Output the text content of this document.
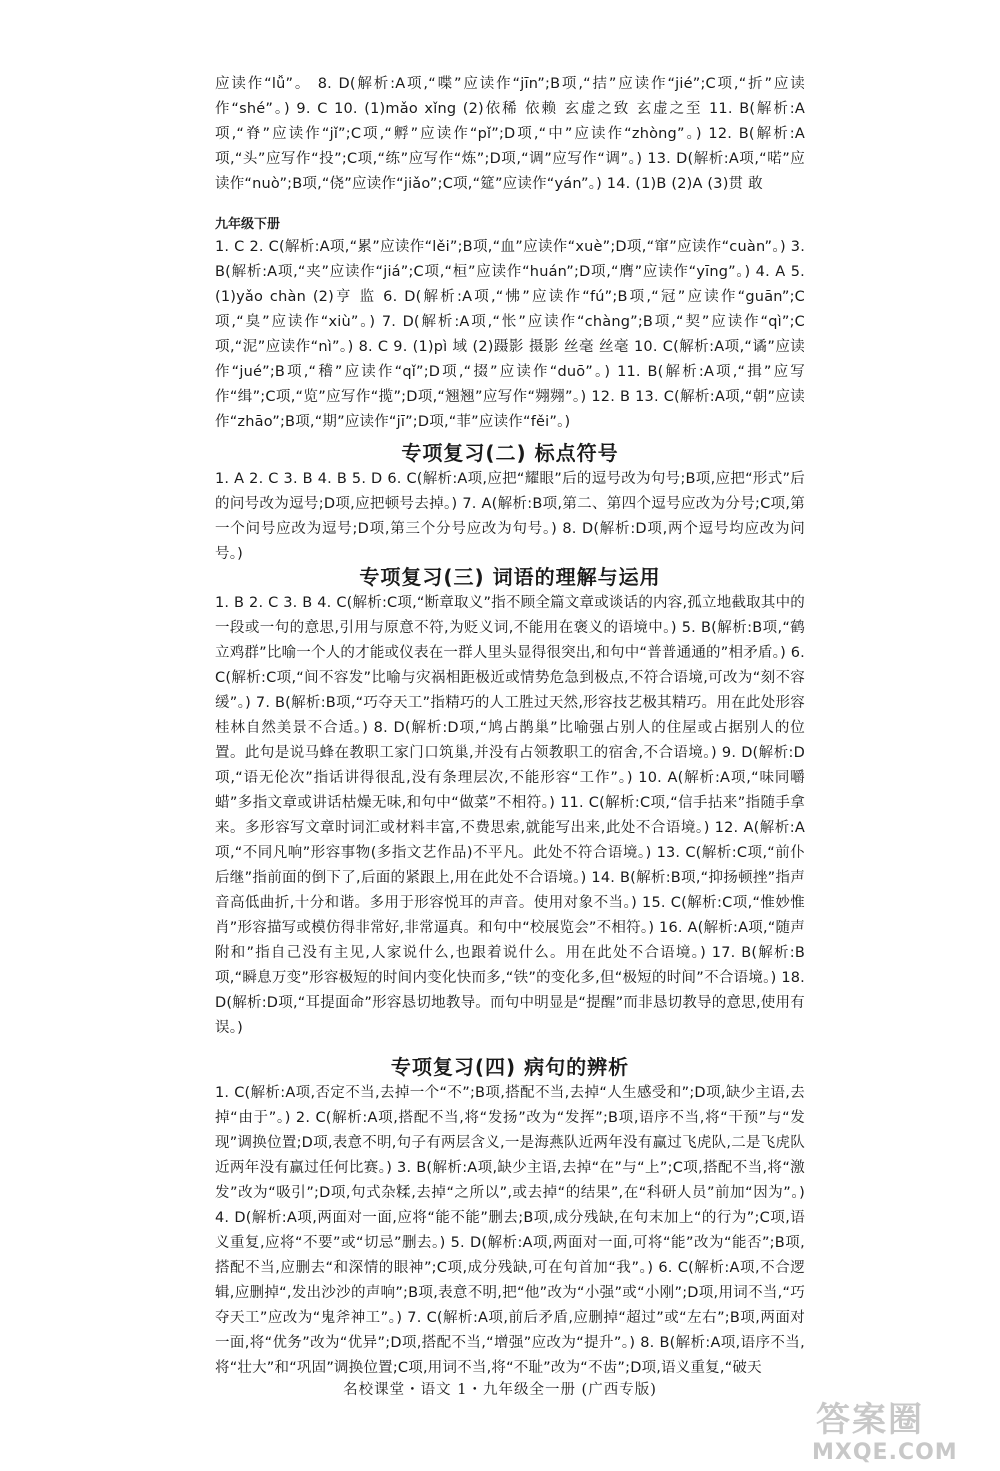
应读作“lǚ”。 8. D(解析:A项,“喋”应读作“jīn”;B项,“拮”应读作“jié”;C项,“折”应读作“shé”。) 9. C 10. (1)mǎo xǐng (2)依稀 依赖 玄虚之致 玄虚之至 11. B(解析:A项,“脊”应读作“jǐ”;C项,“孵”应读作“pǐ”;D项,“中”应读作“zhòng”。) 12. B(解析:A项,“头”应写作“投”;C项,“练”应写作“炼”;D项,“调”应写作“调”。) 13. D(解析:A项,“喏”应读作“nuò”;B项,“侥”应读作“jiǎo”;C项,“筵”应读作“yán”。) 14. (1)B (2)A (3)贯 敢
九年级下册
1. C 2. C(解析:A项,“累”应读作“lěi”;B项,“血”应读作“xuè”;D项,“窜”应读作“cuàn”。) 3. B(解析:A项,“夹”应读作“jiá”;C项,“桓”应读作“huán”;D项,“膺”应读作“yīng”。) 4. A 5. (1)yǎo chàn (2)亨 监 6. D(解析:A项,“怫”应读作“fú”;B项,“冠”应读作“guān”;C项,“臭”应读作“xiù”。) 7. D(解析:A项,“怅”应读作“chàng”;B项,“契”应读作“qì”;C项,“泥”应读作“nì”。) 8. C 9. (1)pì 域 (2)蹑影 摄影 丝毫 丝毫 10. C(解析:A项,“谲”应读作“jué”;B项,“稽”应读作“qǐ”;D项,“掇”应读作“duō”。) 11. B(解析:A项,“揖”应写作“缉”;C项,“览”应写作“揽”;D项,“翘翘”应写作“翙翙”。) 12. B 13. C(解析:A项,“朝”应读作“zhāo”;B项,“期”应读作“jī”;D项,“菲”应读作“fěi”。)
专项复习(二) 标点符号
1. A 2. C 3. B 4. B 5. D 6. C(解析:A项,应把“耀眼”后的逗号改为句号;B项,应把“形式”后的问号改为逗号;D项,应把顿号去掉。) 7. A(解析:B项,第二、第四个逗号应改为分号;C项,第一个问号应改为逗号;D项,第三个分号应改为句号。) 8. D(解析:D项,两个逗号均应改为问号。)
专项复习(三) 词语的理解与运用
1. B 2. C 3. B 4. C(解析:C项,“断章取义”指不顾全篇文章或谈话的内容,孤立地截取其中的一段或一句的意思,引用与原意不符,为贬义词,不能用在褒义的语境中。) 5. B(解析:B项,“鹤立鸡群”比喻一个人的才能或仪表在一群人里头显得很突出,和句中“普普通通的”相矛盾。) 6. C(解析:C项,“间不容发”比喻与灾祸相距极近或情势危急到极点,不符合语境,可改为“刻不容缓”。) 7. B(解析:B项,“巧夺天工”指精巧的人工胜过天然,形容技艺极其精巧。用在此处形容桂林自然美景不合适。) 8. D(解析:D项,“鸠占鹊巢”比喻强占别人的住屋或占据别人的位置。此句是说马蜂在教职工家门口筑巢,并没有占领教职工的宿舍,不合语境。) 9. D(解析:D项,“语无伦次”指话讲得很乱,没有条理层次,不能形容“工作”。) 10. A(解析:A项,“味同嚼蜡”多指文章或讲话枯燥无味,和句中“做菜”不相符。) 11. C(解析:C项,“信手拈来”指随手拿来。多形容写文章时词汇或材料丰富,不费思索,就能写出来,此处不合语境。) 12. A(解析:A项,“不同凡响”形容事物(多指文艺作品)不平凡。此处不符合语境。) 13. C(解析:C项,“前仆后继”指前面的倒下了,后面的紧跟上,用在此处不合语境。) 14. B(解析:B项,“抑扬顿挫”指声音高低曲折,十分和谐。多用于形容悦耳的声音。使用对象不当。) 15. C(解析:C项,“惟妙惟肖”形容描写或模仿得非常好,非常逼真。和句中“校展览会”不相符。) 16. A(解析:A项,“随声附和”指自己没有主见,人家说什么,也跟着说什么。用在此处不合语境。) 17. B(解析:B项,“瞬息万变”形容极短的时间内变化快而多,“铁”的变化多,但“极短的时间”不合语境。) 18. D(解析:D项,“耳提面命”形容恳切地教导。而句中明显是“提醒”而非恳切教导的意思,使用有误。)
专项复习(四) 病句的辨析
1. C(解析:A项,否定不当,去掉一个“不”;B项,搭配不当,去掉“人生感受和”;D项,缺少主语,去掉“由于”。) 2. C(解析:A项,搭配不当,将“发扬”改为“发挥”;B项,语序不当,将“干预”与“发现”调换位置;D项,表意不明,句子有两层含义,一是海燕队近两年没有赢过飞虎队,二是飞虎队近两年没有赢过任何比赛。) 3. B(解析:A项,缺少主语,去掉“在”与“上”;C项,搭配不当,将“激发”改为“吸引”;D项,句式杂糅,去掉“之所以”,或去掉“的结果”,在“科研人员”前加“因为”。) 4. D(解析:A项,两面对一面,应将“能不能”删去;B项,成分残缺,在句末加上“的行为”;C项,语义重复,应将“不要”或“切忌”删去。) 5. D(解析:A项,两面对一面,可将“能”改为“能否”;B项,搭配不当,应删去“和深情的眼神”;C项,成分残缺,可在句首加“我”。) 6. C(解析:A项,不合逻辑,应删掉“,发出沙沙的声响”;B项,表意不明,把“他”改为“小强”或“小刚”;D项,用词不当,“巧夺天工”应改为“鬼斧神工”。) 7. C(解析:A项,前后矛盾,应删掉“超过”或“左右”;B项,两面对一面,将“优务”改为“优异”;D项,搭配不当,“增强”应改为“提升”。) 8. B(解析:A项,语序不当,将“壮大”和“巩固”调换位置;C项,用词不当,将“不耻”改为“不齿”;D项,语义重复,“破天
名校课堂・语文 1・九年级全一册 (广西专版)
答案圈
MXQE.COM
